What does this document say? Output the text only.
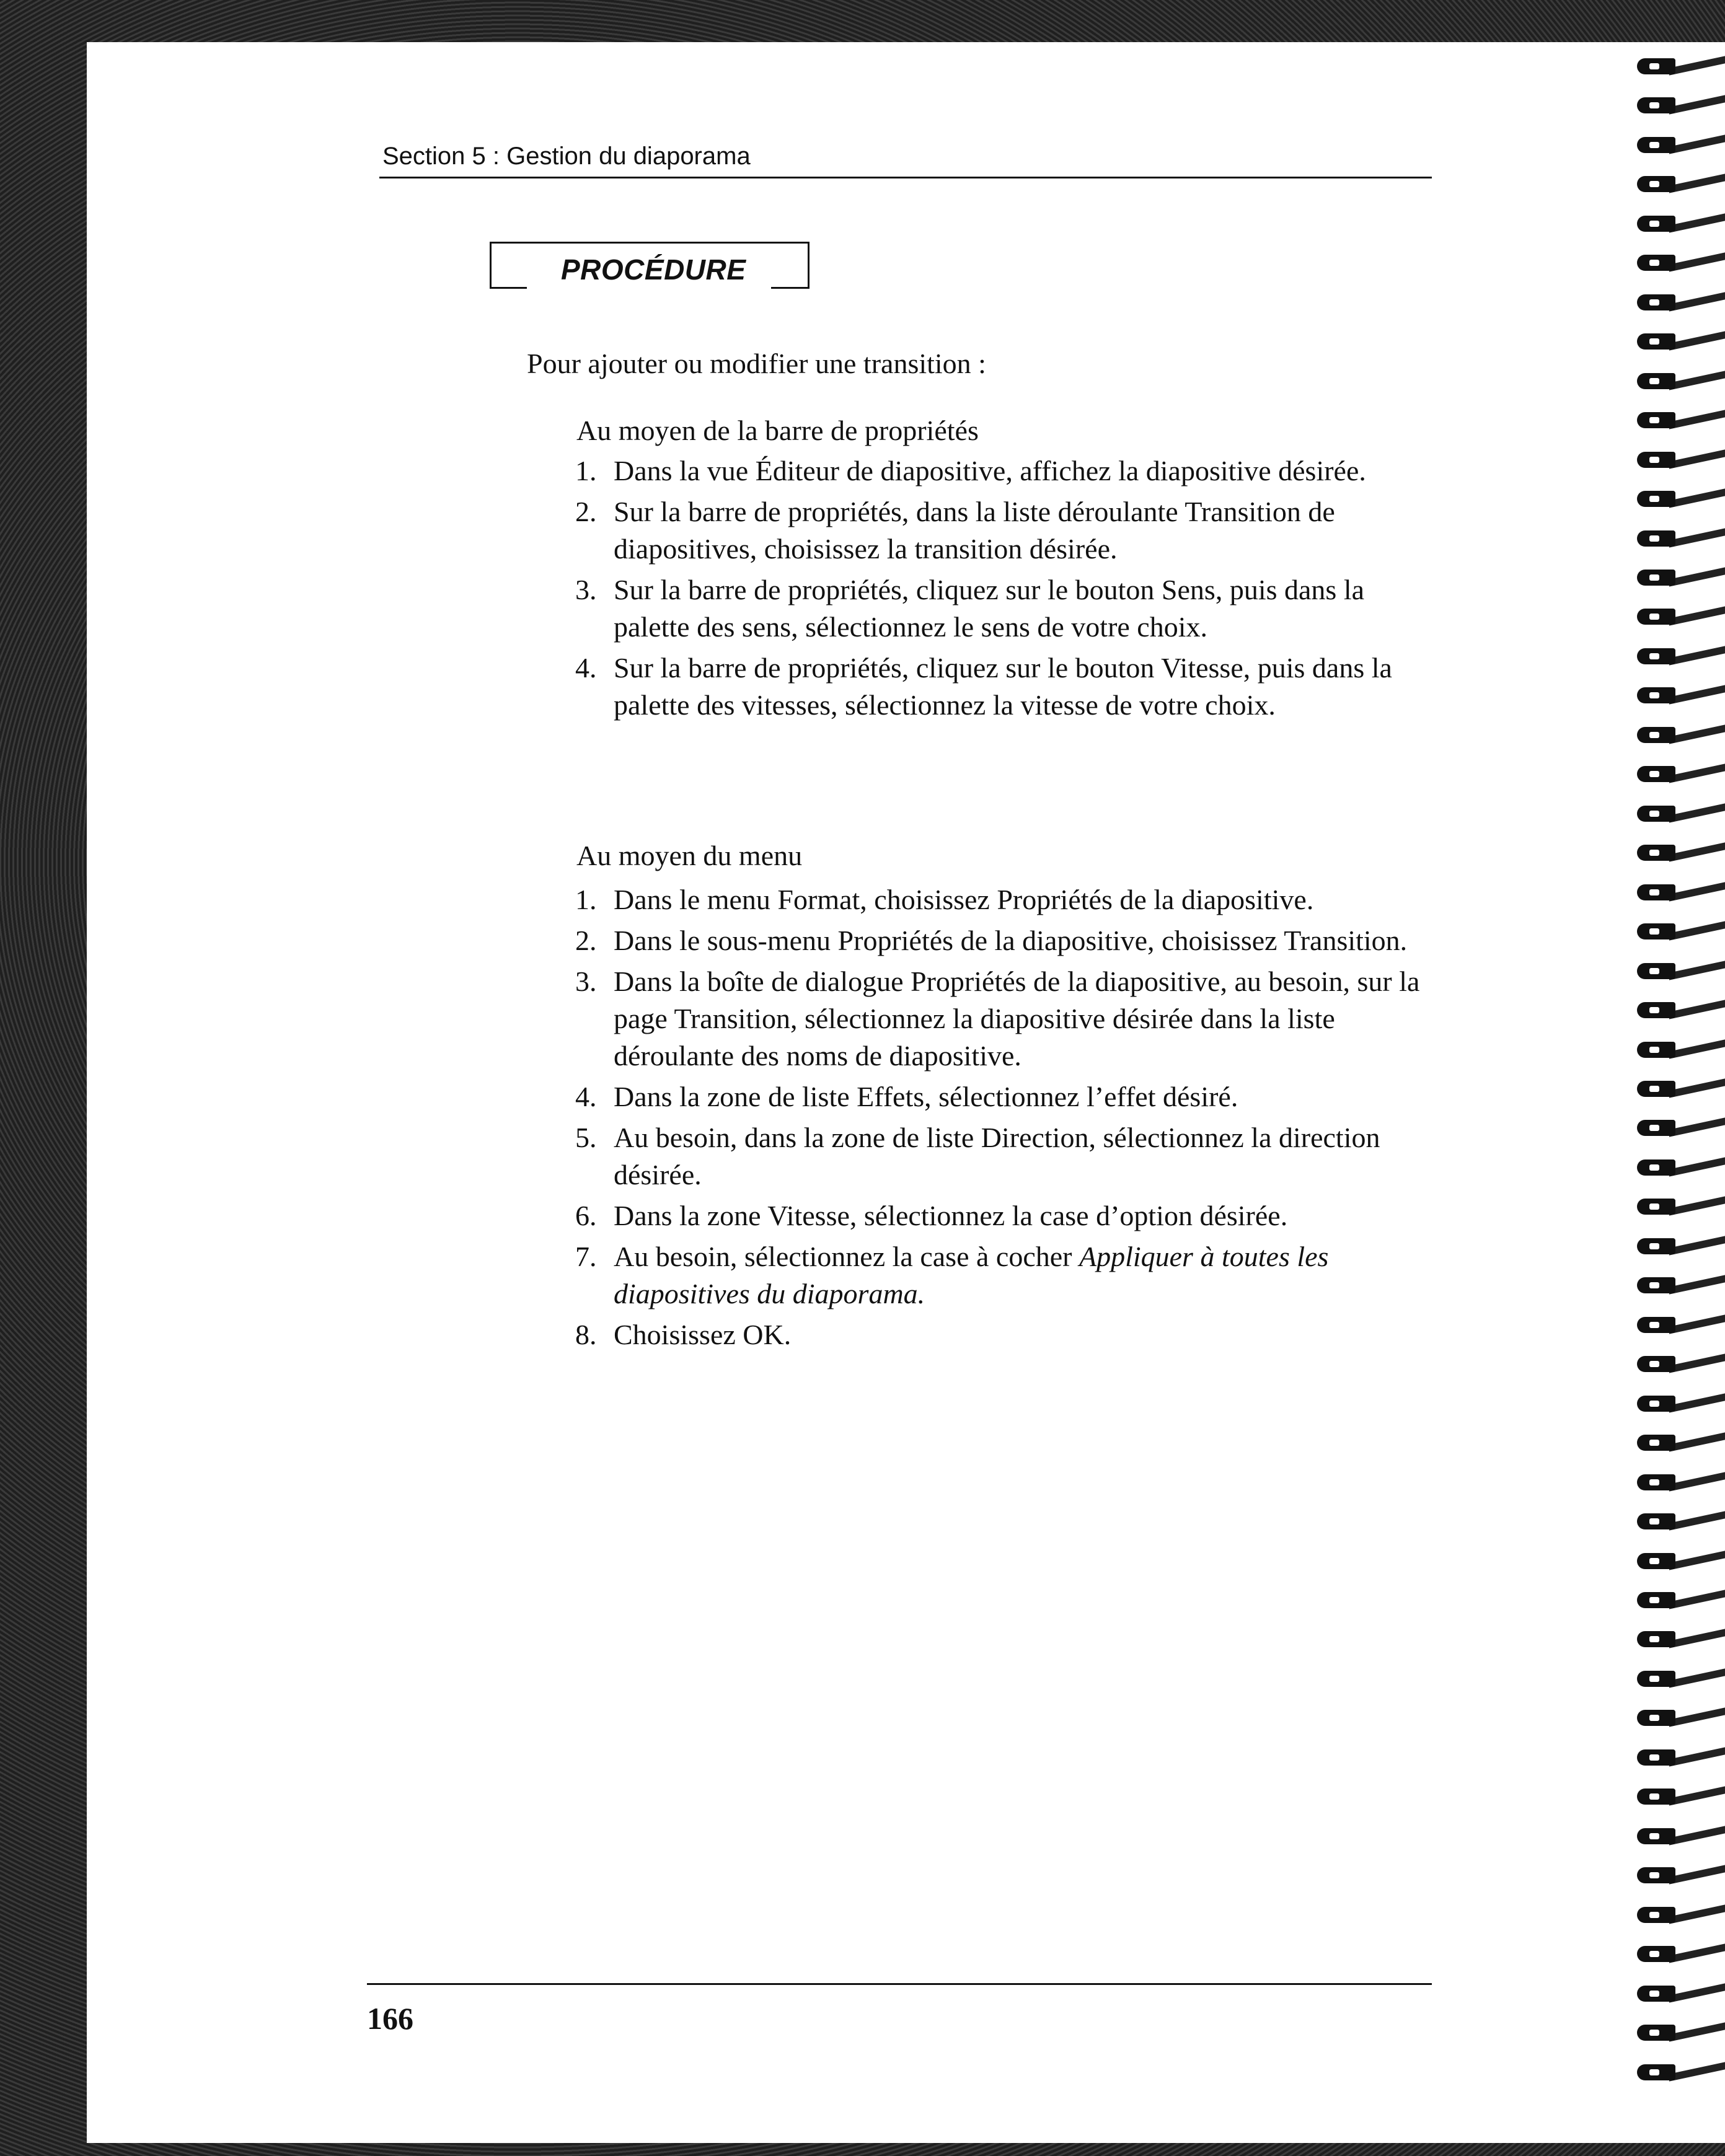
Section 5 : Gestion du diaporama
PROCÉDURE
Pour ajouter ou modifier une transition :
Au moyen de la barre de propriétés
1. Dans la vue Éditeur de diapositive, affichez la diapositive désirée.
2. Sur la barre de propriétés, dans la liste déroulante Transition de diapositives, choisissez la transition désirée.
3. Sur la barre de propriétés, cliquez sur le bouton Sens, puis dans la palette des sens, sélectionnez le sens de votre choix.
4. Sur la barre de propriétés, cliquez sur le bouton Vitesse, puis dans la palette des vitesses, sélectionnez la vitesse de votre choix.
Au moyen du menu
1. Dans le menu Format, choisissez Propriétés de la diapositive.
2. Dans le sous-menu Propriétés de la diapositive, choisissez Transition.
3. Dans la boîte de dialogue Propriétés de la diapositive, au besoin, sur la page Transition, sélectionnez la diapositive désirée dans la liste déroulante des noms de diapositive.
4. Dans la zone de liste Effets, sélectionnez l’effet désiré.
5. Au besoin, dans la zone de liste Direction, sélectionnez la direction désirée.
6. Dans la zone Vitesse, sélectionnez la case d’option désirée.
7. Au besoin, sélectionnez la case à cocher Appliquer à toutes les diapositives du diaporama.
8. Choisissez OK.
166
